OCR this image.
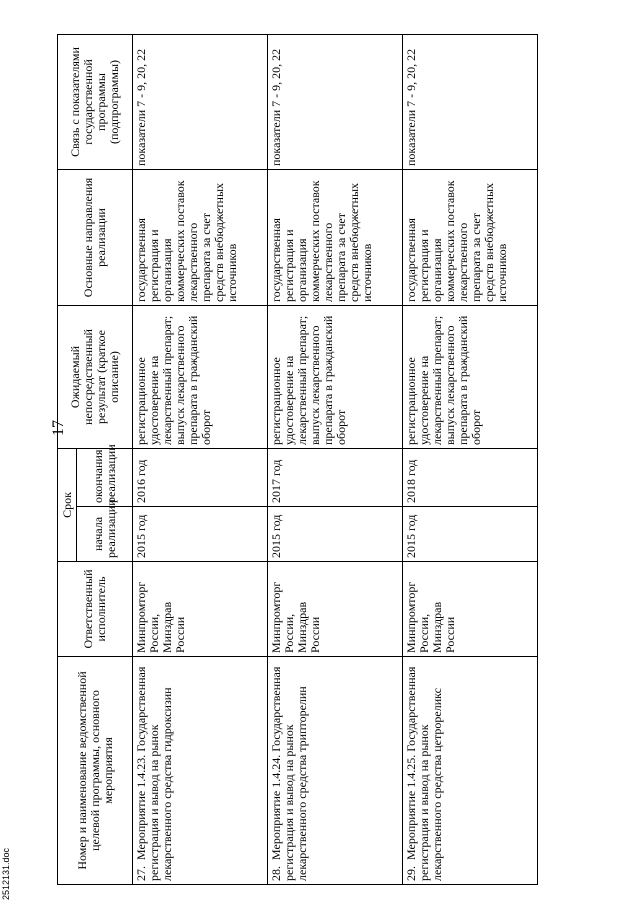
17
Номер и наименование ведомственной целевой программы, основного мероприятия	Ответственный исполнитель	Срок		Ожидаемый непосредственный результат (краткое описание)	Основные направления реализации	Связь с показателями государственной программы (подпрограммы)
		начала реализации	окончания реализации			
27.  Мероприятие 1.4.23. Государственная регистрация и вывод на рынок лекарственного средства гидроксизин	Минпромторг России, Минздрав России	2015 год	2016 год	регистрационное удостоверение на лекарственный препарат; выпуск лекарственного препарата в гражданский оборот	государственная регистрация и организация коммерческих поставок лекарственного препарата за счет средств внебюджетных источников	показатели 7 - 9, 20, 22
28.  Мероприятие 1.4.24. Государственная регистрация и вывод на рынок лекарственного средства трипторелин	Минпромторг России, Минздрав России	2015 год	2017 год	регистрационное удостоверение на лекарственный препарат; выпуск лекарственного препарата в гражданский оборот	государственная регистрация и организация коммерческих поставок лекарственного препарата за счет средств внебюджетных источников	показатели 7 - 9, 20, 22
29.  Мероприятие 1.4.25. Государственная регистрация и вывод на рынок лекарственного средства цетрореликс	Минпромторг России, Минздрав России	2015 год	2018 год	регистрационное удостоверение на лекарственный препарат; выпуск лекарственного препарата в гражданский оборот	государственная регистрация и организация коммерческих поставок лекарственного препарата за счет средств внебюджетных источников	показатели 7 - 9, 20, 22
2512131.doc
